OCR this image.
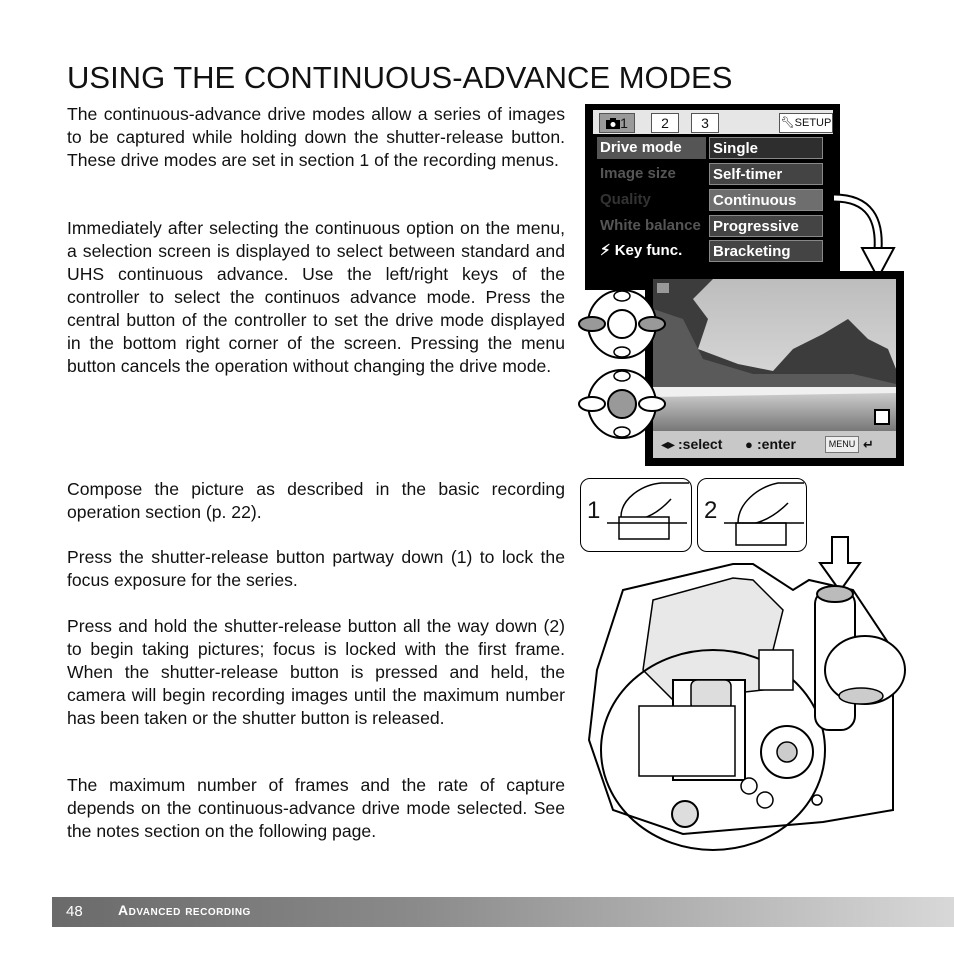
USING THE CONTINUOUS-ADVANCE MODES

The continuous-advance drive modes allow a series of images to be captured while holding down the shutter-release button. These drive modes are set in section 1 of the recording menus.

Immediately after selecting the continuous option on the menu, a selection screen is displayed to select between standard and UHS continuous advance. Use the left/right keys of the controller to select the continuos advance mode. Press the central button of the controller to set the drive mode displayed in the bottom right corner of the screen. Pressing the menu button cancels the operation without changing the drive mode.

Compose the picture as described in the basic recording operation section (p. 22).

Press the shutter-release button partway down (1) to lock the focus exposure for the series.

Press and hold the shutter-release button all the way down (2) to begin taking pictures; focus is locked with the first frame. When the shutter-release button is pressed and held, the camera will begin recording images until the maximum number has been taken or the shutter button is released.

The maximum number of frames and the rate of capture depends on the continuous-advance drive mode selected. See the notes section on the following page.

1	2	3	🔧︎SETUP
Drive mode	Single
Image size	Self-timer
Quality	Continuous
White balance Progressive
⚡︎ Key func.	Bracketing
◂▸ :select ● :enter	MENU ↵
1	2
48	Advanced recording
